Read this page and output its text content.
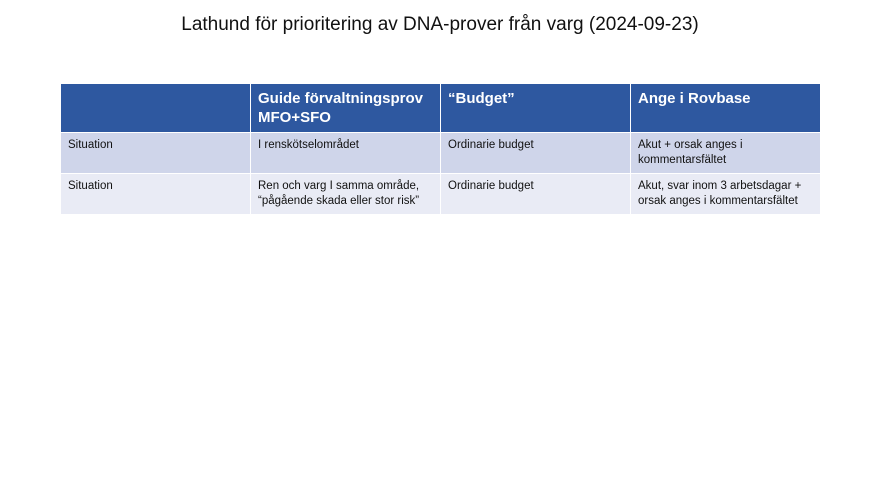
Lathund för prioritering av DNA-prover från varg (2024-09-23)
	Guide förvaltningsprov MFO+SFO	“Budget”	Ange i Rovbase
Situation	I renskötselområdet	Ordinarie budget	Akut + orsak anges i kommentarsfältet
Situation	Ren och varg I samma område, “pågående skada eller stor risk”	Ordinarie budget	Akut, svar inom 3 arbetsdagar + orsak anges i kommentarsfältet
